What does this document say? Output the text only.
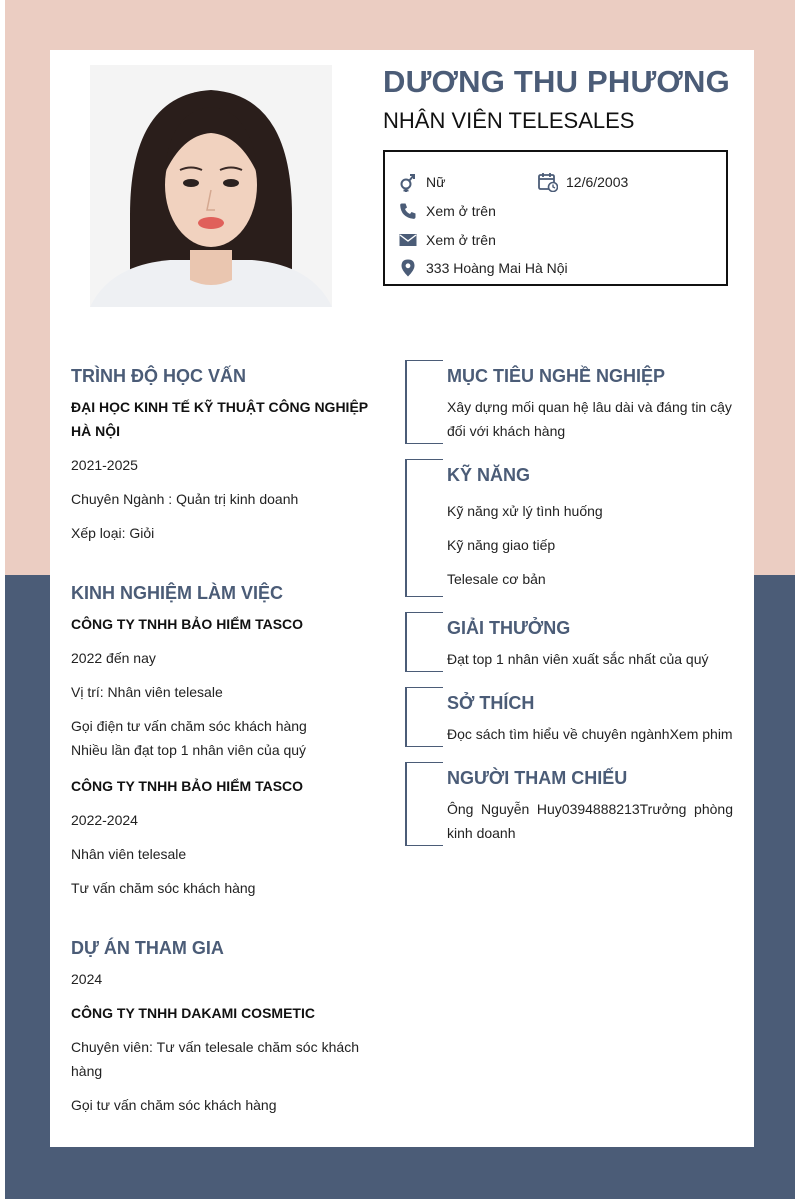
DƯƠNG THU PHƯƠNG
NHÂN VIÊN TELESALES
Nữ	12/6/2003
Xem ở trên
Xem ở trên
333 Hoàng Mai Hà Nội
TRÌNH ĐỘ HỌC VẤN
ĐẠI HỌC KINH TẾ KỸ THUẬT CÔNG NGHIỆP HÀ NỘI
2021-2025
Chuyên Ngành : Quản trị kinh doanh
Xếp loại: Giỏi
KINH NGHIỆM LÀM VIỆC
CÔNG TY TNHH BẢO HIỂM TASCO
2022 đến nay
Vị trí: Nhân viên telesale
Gọi điện tư vấn chăm sóc khách hàng
Nhiều lần đạt top 1 nhân viên của quý
CÔNG TY TNHH BẢO HIỂM TASCO
2022-2024
Nhân viên telesale
Tư vấn chăm sóc khách hàng
DỰ ÁN THAM GIA
2024
CÔNG TY TNHH DAKAMI COSMETIC
Chuyên viên: Tư vấn telesale chăm sóc khách hàng
Gọi tư vấn chăm sóc khách hàng
MỤC TIÊU NGHỀ NGHIỆP
Xây dựng mối quan hệ lâu dài và đáng tin cậy đối với khách hàng
KỸ NĂNG
Kỹ năng xử lý tình huống
Kỹ năng giao tiếp
Telesale cơ bản
GIẢI THƯỞNG
Đạt top 1 nhân viên xuất sắc nhất của quý
SỞ THÍCH
Đọc sách tìm hiểu về chuyên ngànhXem phim
NGƯỜI THAM CHIẾU
Ông Nguyễn Huy0394888213Trưởng phòng kinh doanh
